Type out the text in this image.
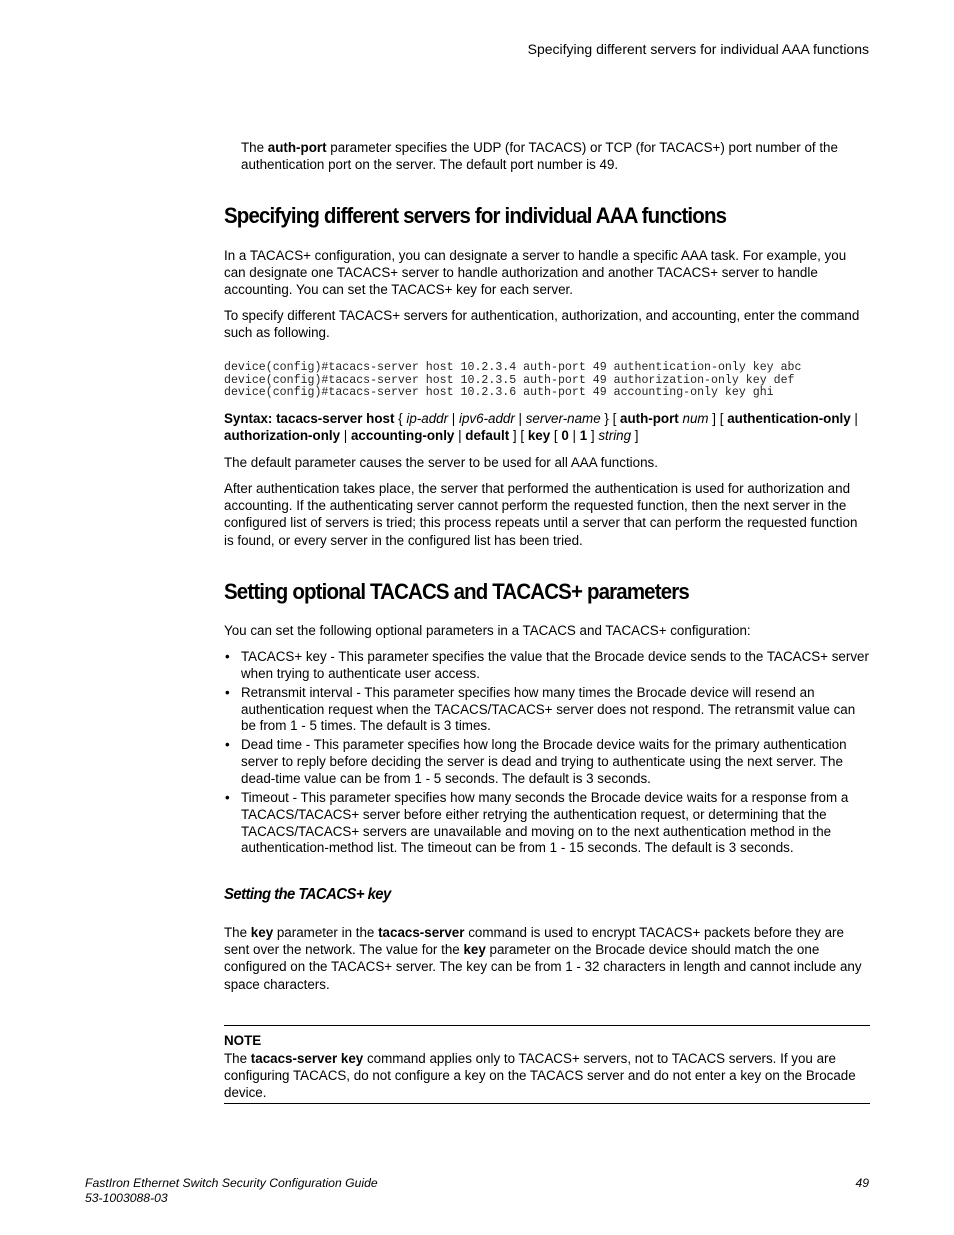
Specifying different servers for individual AAA functions

The auth-port parameter specifies the UDP (for TACACS) or TCP (for TACACS+) port number of the authentication port on the server. The default port number is 49.

Specifying different servers for individual AAA functions

In a TACACS+ configuration, you can designate a server to handle a specific AAA task. For example, you can designate one TACACS+ server to handle authorization and another TACACS+ server to handle accounting. You can set the TACACS+ key for each server.

To specify different TACACS+ servers for authentication, authorization, and accounting, enter the command such as following.

device(config)#tacacs-server host 10.2.3.4 auth-port 49 authentication-only key abc
device(config)#tacacs-server host 10.2.3.5 auth-port 49 authorization-only key def
device(config)#tacacs-server host 10.2.3.6 auth-port 49 accounting-only key ghi

Syntax: tacacs-server host { ip-addr | ipv6-addr | server-name } [ auth-port num ] [ authentication-only | authorization-only | accounting-only | default ] [ key [ 0 | 1 ] string ]

The default parameter causes the server to be used for all AAA functions.

After authentication takes place, the server that performed the authentication is used for authorization and accounting. If the authenticating server cannot perform the requested function, then the next server in the configured list of servers is tried; this process repeats until a server that can perform the requested function is found, or every server in the configured list has been tried.

Setting optional TACACS and TACACS+ parameters

You can set the following optional parameters in a TACACS and TACACS+ configuration:

• TACACS+ key - This parameter specifies the value that the Brocade device sends to the TACACS+ server when trying to authenticate user access.
• Retransmit interval - This parameter specifies how many times the Brocade device will resend an authentication request when the TACACS/TACACS+ server does not respond. The retransmit value can be from 1 - 5 times. The default is 3 times.
• Dead time - This parameter specifies how long the Brocade device waits for the primary authentication server to reply before deciding the server is dead and trying to authenticate using the next server. The dead-time value can be from 1 - 5 seconds. The default is 3 seconds.
• Timeout - This parameter specifies how many seconds the Brocade device waits for a response from a TACACS/TACACS+ server before either retrying the authentication request, or determining that the TACACS/TACACS+ servers are unavailable and moving on to the next authentication method in the authentication-method list. The timeout can be from 1 - 15 seconds. The default is 3 seconds.
Setting the TACACS+ key

The key parameter in the tacacs-server command is used to encrypt TACACS+ packets before they are sent over the network. The value for the key parameter on the Brocade device should match the one configured on the TACACS+ server. The key can be from 1 - 32 characters in length and cannot include any space characters.

NOTE

The tacacs-server key command applies only to TACACS+ servers, not to TACACS servers. If you are configuring TACACS, do not configure a key on the TACACS server and do not enter a key on the Brocade device.

FastIron Ethernet Switch Security Configuration Guide
53-1003088-03
49
